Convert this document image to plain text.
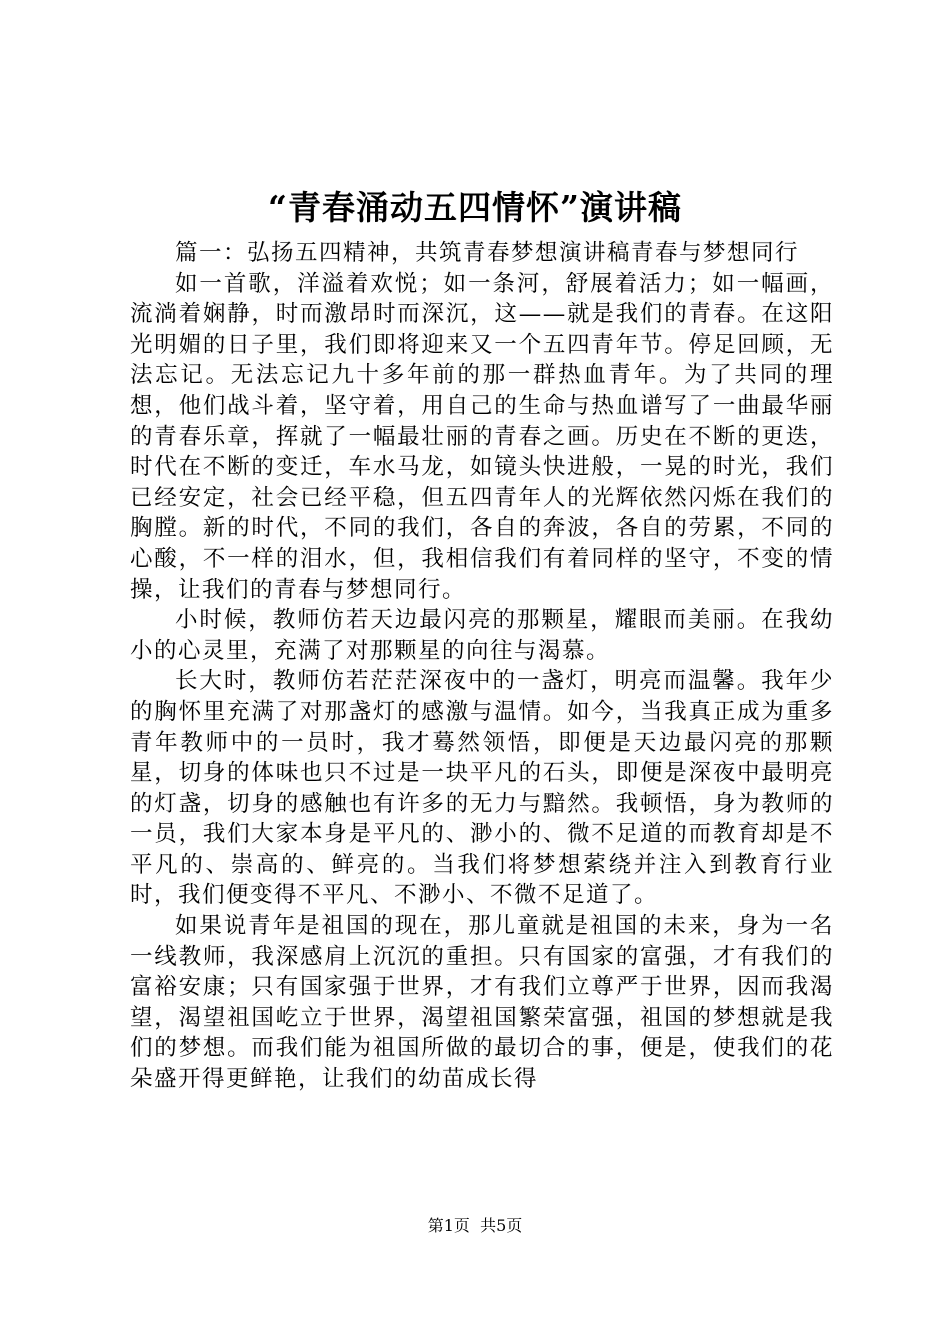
“青春涌动五四情怀”演讲稿

篇一：弘扬五四精神，共筑青春梦想演讲稿青春与梦想同行

如一首歌，洋溢着欢悦；如一条河，舒展着活力；如一幅画，流淌着娴静，时而激昂时而深沉，这——就是我们的青春。在这阳光明媚的日子里，我们即将迎来又一个五四青年节。停足回顾，无法忘记。无法忘记九十多年前的那一群热血青年。为了共同的理想，他们战斗着，坚守着，用自己的生命与热血谱写了一曲最华丽的青春乐章，挥就了一幅最壮丽的青春之画。历史在不断的更迭，时代在不断的变迁，车水马龙，如镜头快进般，一晃的时光，我们已经安定，社会已经平稳，但五四青年人的光辉依然闪烁在我们的胸膛。新的时代，不同的我们，各自的奔波，各自的劳累，不同的心酸，不一样的泪水，但，我相信我们有着同样的坚守，不变的情操，让我们的青春与梦想同行。

小时候，教师仿若天边最闪亮的那颗星，耀眼而美丽。在我幼小的心灵里，充满了对那颗星的向往与渴慕。

长大时，教师仿若茫茫深夜中的一盏灯，明亮而温馨。我年少的胸怀里充满了对那盏灯的感激与温情。如今，当我真正成为重多青年教师中的一员时，我才蓦然领悟，即便是天边最闪亮的那颗星，切身的体味也只不过是一块平凡的石头，即便是深夜中最明亮的灯盏，切身的感触也有许多的无力与黯然。我顿悟，身为教师的一员，我们大家本身是平凡的、渺小的、微不足道的而教育却是不平凡的、崇高的、鲜亮的。当我们将梦想萦绕并注入到教育行业时，我们便变得不平凡、不渺小、不微不足道了。

如果说青年是祖国的现在，那儿童就是祖国的未来，身为一名一线教师，我深感肩上沉沉的重担。只有国家的富强，才有我们的富裕安康；只有国家强于世界，才有我们立尊严于世界，因而我渴望，渴望祖国屹立于世界，渴望祖国繁荣富强，祖国的梦想就是我们的梦想。而我们能为祖国所做的最切合的事，便是，使我们的花朵盛开得更鲜艳，让我们的幼苗成长得

第1页 共5页
